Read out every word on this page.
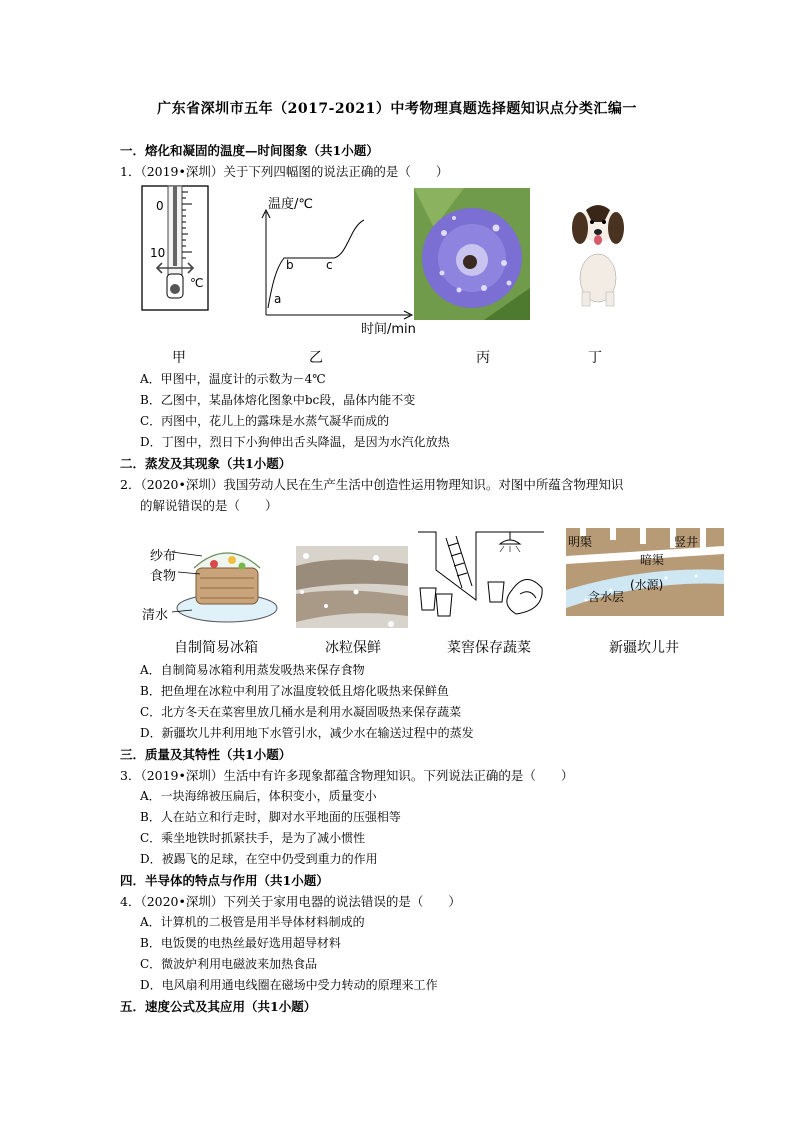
广东省深圳市五年（2017-2021）中考物理真题选择题知识点分类汇编一
一．熔化和凝固的温度—时间图象（共1小题）
1．（2019•深圳）关于下列四幅图的说法正确的是（　　）
0
10
℃
温度/℃
时间/min
a
b	c
甲	乙	丙	丁
A．甲图中，温度计的示数为－4℃
B．乙图中，某晶体熔化图象中bc段，晶体内能不变
C．丙图中，花儿上的露珠是水蒸气凝华而成的
D．丁图中，烈日下小狗伸出舌头降温，是因为水汽化放热
二．蒸发及其现象（共1小题）
2．（2020•深圳）我国劳动人民在生产生活中创造性运用物理知识。对图中所蕴含物理知识
的解说错误的是（　　）
纱布
食物
清水
明渠	竖井
暗渠
(水源)
含水层
自制简易冰箱	冰粒保鲜	菜窖保存蔬菜	新疆坎儿井
A．自制简易冰箱利用蒸发吸热来保存食物
B．把鱼埋在冰粒中利用了冰温度较低且熔化吸热来保鲜鱼
C．北方冬天在菜窖里放几桶水是利用水凝固吸热来保存蔬菜
D．新疆坎儿井利用地下水管引水，减少水在输送过程中的蒸发
三．质量及其特性（共1小题）
3．（2019•深圳）生活中有许多现象都蕴含物理知识。下列说法正确的是（　　）
A．一块海绵被压扁后，体积变小，质量变小
B．人在站立和行走时，脚对水平地面的压强相等
C．乘坐地铁时抓紧扶手，是为了减小惯性
D．被踢飞的足球，在空中仍受到重力的作用
四．半导体的特点与作用（共1小题）
4．（2020•深圳）下列关于家用电器的说法错误的是（　　）
A．计算机的二极管是用半导体材料制成的
B．电饭煲的电热丝最好选用超导材料
C．微波炉利用电磁波来加热食品
D．电风扇利用通电线圈在磁场中受力转动的原理来工作
五．速度公式及其应用（共1小题）
